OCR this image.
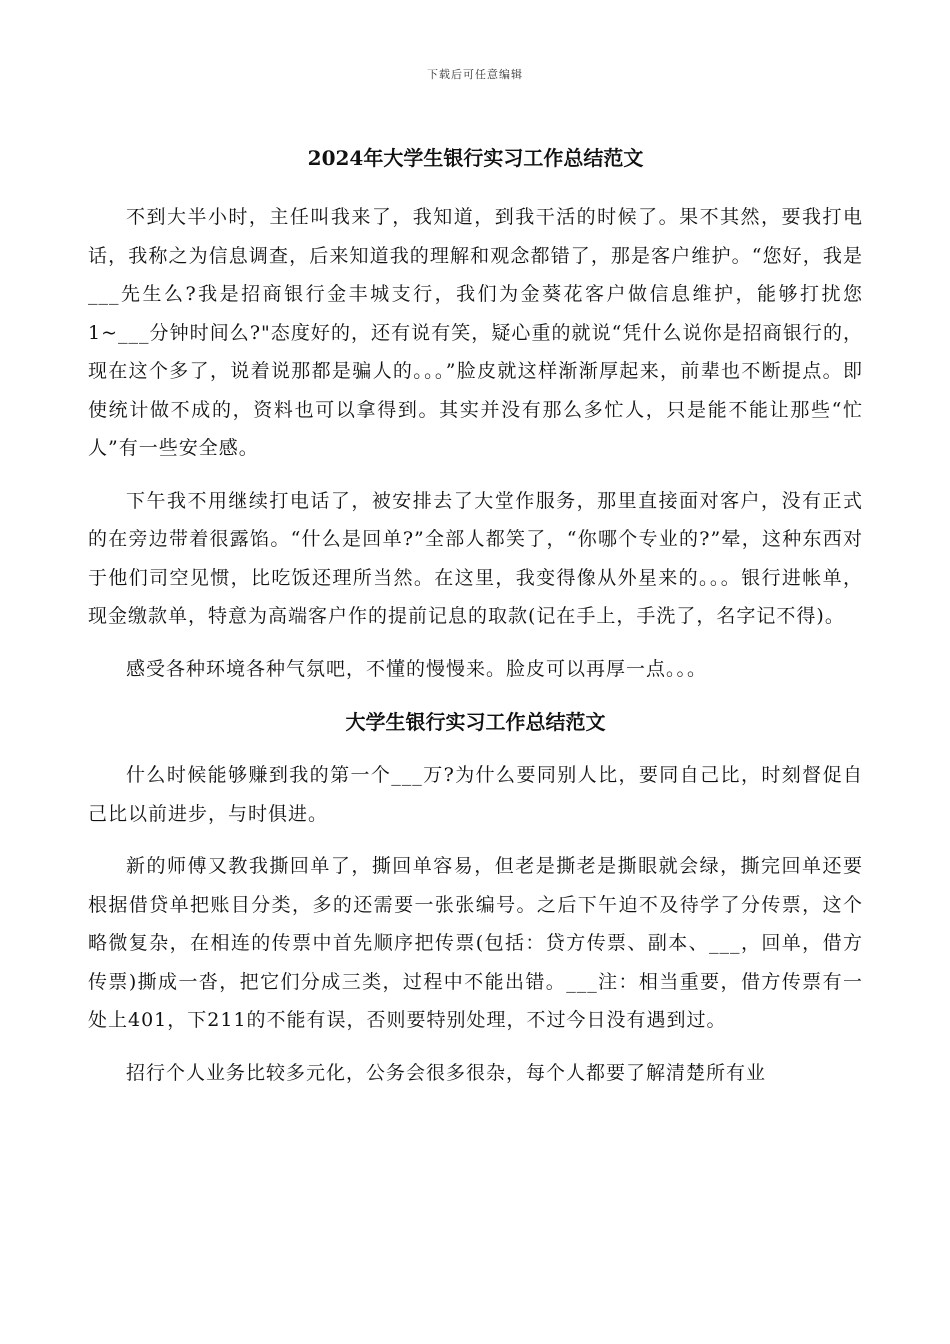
下载后可任意编辑
2024年大学生银行实习工作总结范文

不到大半小时，主任叫我来了，我知道，到我干活的时候了。果不其然，要我打电话，我称之为信息调查，后来知道我的理解和观念都错了，那是客户维护。“您好，我是___先生么?我是招商银行金丰城支行，我们为金葵花客户做信息维护，能够打扰您1~___分钟时间么?"态度好的，还有说有笑，疑心重的就说“凭什么说你是招商银行的，现在这个多了，说着说那都是骗人的。。。”脸皮就这样渐渐厚起来，前辈也不断提点。即使统计做不成的，资料也可以拿得到。其实并没有那么多忙人，只是能不能让那些“忙人”有一些安全感。

下午我不用继续打电话了，被安排去了大堂作服务，那里直接面对客户，没有正式的在旁边带着很露馅。“什么是回单?”全部人都笑了，“你哪个专业的?”晕，这种东西对于他们司空见惯，比吃饭还理所当然。在这里，我变得像从外星来的。。。银行进帐单，现金缴款单，特意为高端客户作的提前记息的取款(记在手上，手洗了，名字记不得)。

感受各种环境各种气氛吧，不懂的慢慢来。脸皮可以再厚一点。。。

大学生银行实习工作总结范文

什么时候能够赚到我的第一个___万?为什么要同别人比，要同自己比，时刻督促自己比以前进步，与时俱进。

新的师傅又教我撕回单了，撕回单容易，但老是撕老是撕眼就会绿，撕完回单还要根据借贷单把账目分类，多的还需要一张张编号。之后下午迫不及待学了分传票，这个略微复杂，在相连的传票中首先顺序把传票(包括：贷方传票、副本、___，回单，借方传票)撕成一沓，把它们分成三类，过程中不能出错。___注：相当重要，借方传票有一处上401，下211的不能有误，否则要特别处理，不过今日没有遇到过。

招行个人业务比较多元化，公务会很多很杂，每个人都要了解清楚所有业
